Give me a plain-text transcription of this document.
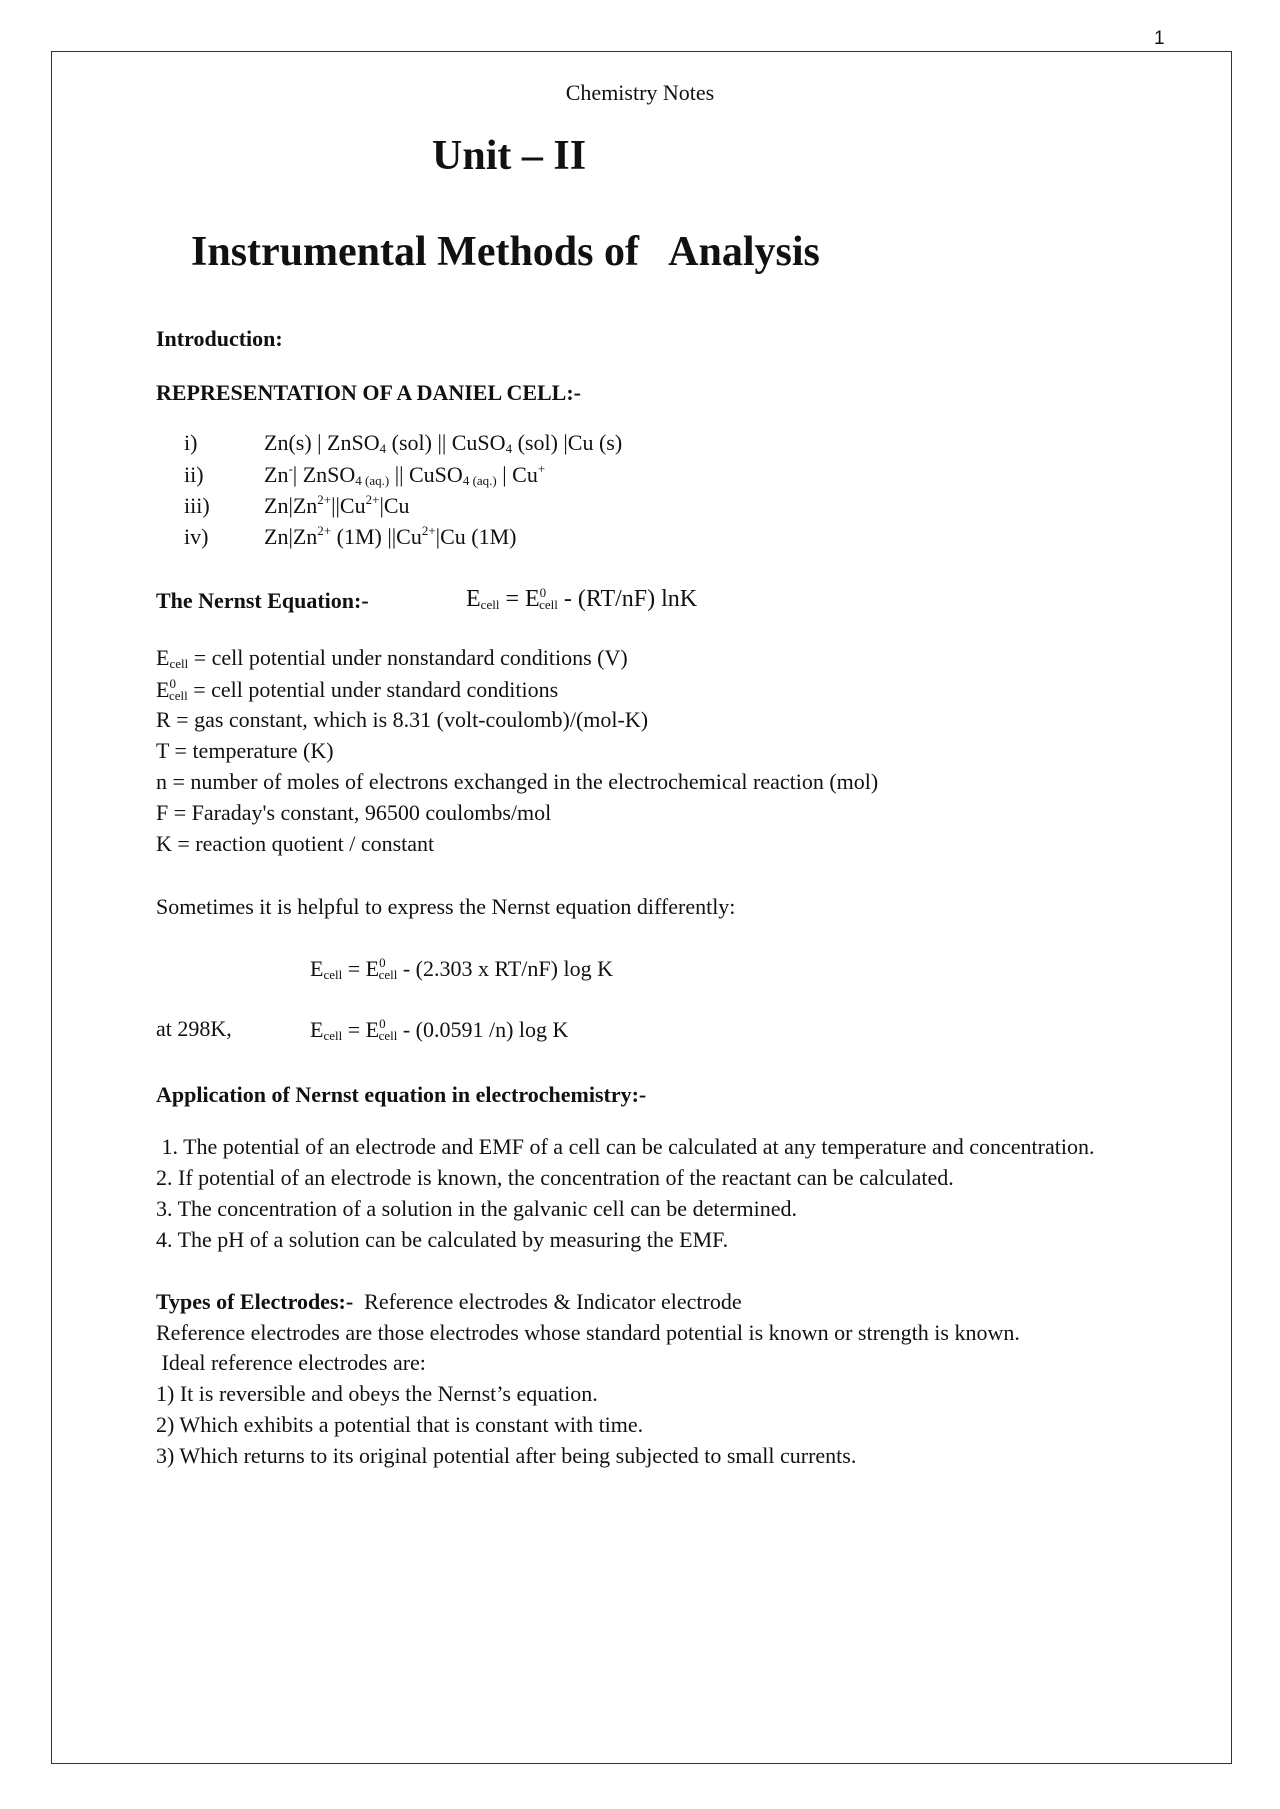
1
Chemistry Notes
Unit – II
Instrumental Methods of   Analysis
Introduction:
REPRESENTATION OF A DANIEL CELL:-
i)	Zn(s) | ZnSO$_4$ (sol) || CuSO$_4$ (sol) |Cu (s)
ii)	Zn-| ZnSO$_{4 (aq.)}$ || CuSO$_{4 (aq.)}$ | Cu+
iii) $Zn|Zn^{2+}||Cu^{2+}|Cu$
iv)	$Zn|Zn^{2+}$ (1M) $||Cu^{2+}|Cu$ (1M)
The Nernst Equation:-	$E_{cell} = E^0_{cell} - (RT/nF)$ lnK
$E_{cell}$ = cell potential under nonstandard conditions (V)
$E^0_{cell}$ = cell potential under standard conditions
R = gas constant, which is 8.31 (volt-coulomb)/(mol-K)
T = temperature (K)
n = number of moles of electrons exchanged in the electrochemical reaction (mol)
F = Faraday's constant, 96500 coulombs/mol
K = reaction quotient / constant
Sometimes it is helpful to express the Nernst equation differently:
$E_{cell} = E^0_{cell} - (2.303$ x RT/nF) log K
at 298K,	$E_{cell} = E^0_{cell} - (0.0591$ /n) log K
Application of Nernst equation in electrochemistry:-
1. The potential of an electrode and EMF of a cell can be calculated at any temperature and concentration.
2. If potential of an electrode is known, the concentration of the reactant can be calculated.
3. The concentration of a solution in the galvanic cell can be determined.
4. The pH of a solution can be calculated by measuring the EMF.
Types of Electrodes:-  Reference electrodes & Indicator electrode
Reference electrodes are those electrodes whose standard potential is known or strength is known.
Ideal reference electrodes are:
1) It is reversible and obeys the Nernst’s equation.
2) Which exhibits a potential that is constant with time.
3) Which returns to its original potential after being subjected to small currents.
